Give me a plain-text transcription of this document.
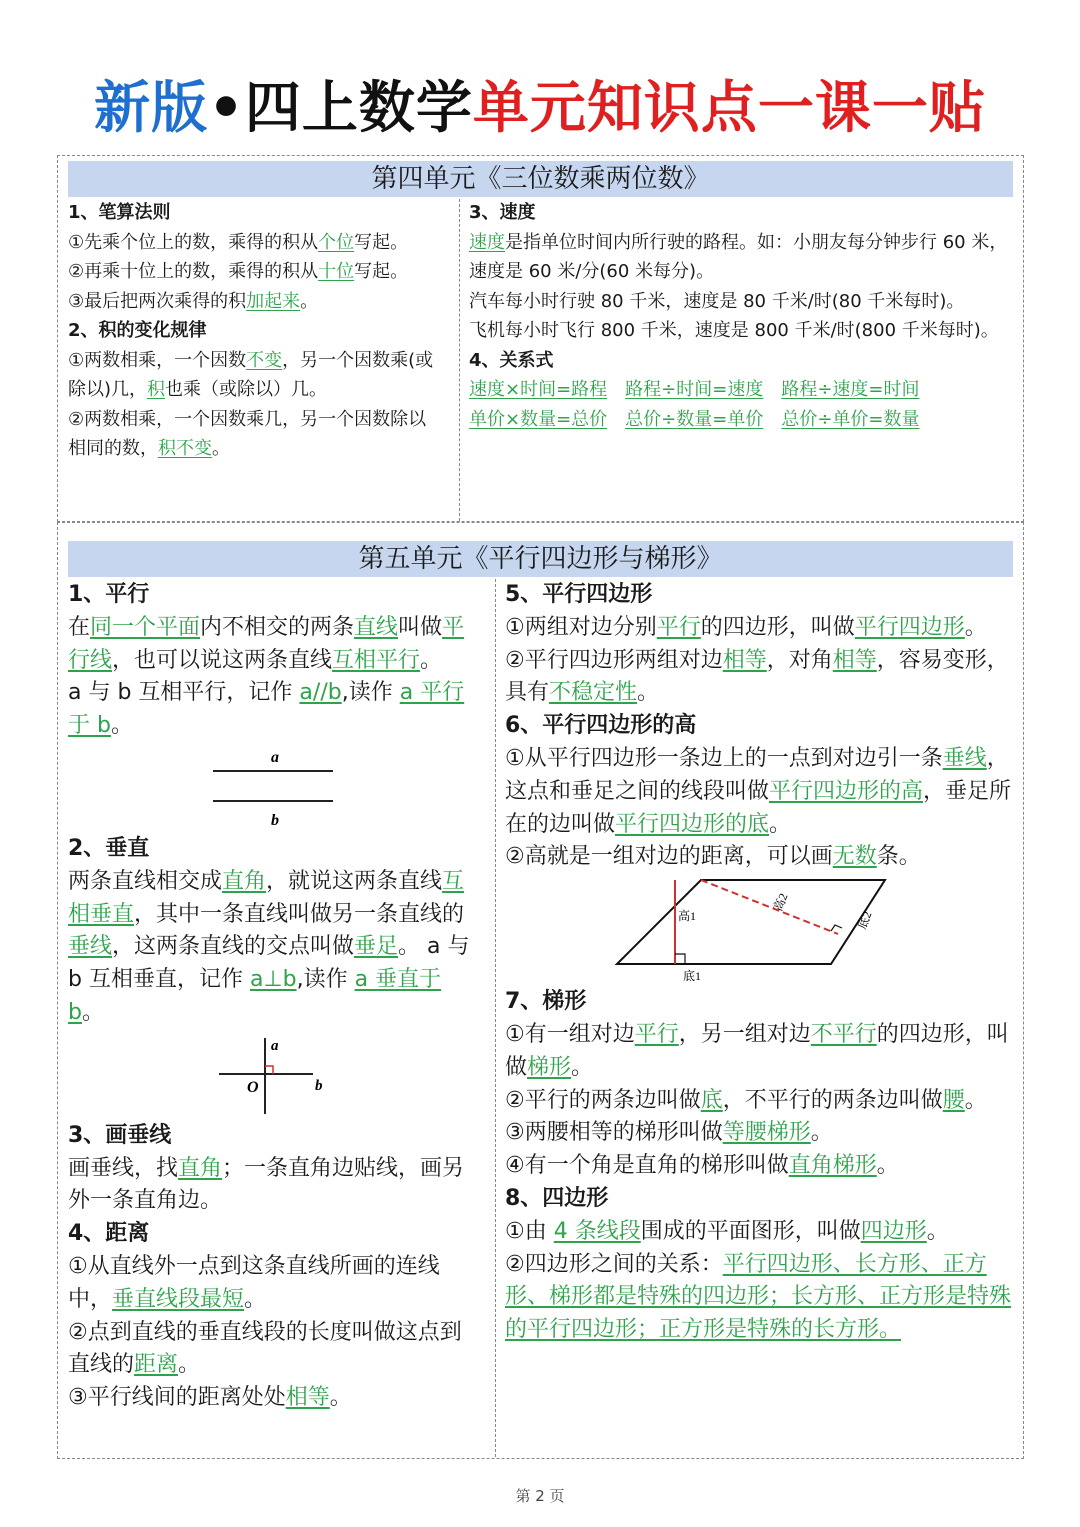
新版•四上数学单元知识点一课一贴
第四单元《三位数乘两位数》

1、笔算法则

①先乘个位上的数，乘得的积从个位写起。

②再乘十位上的数，乘得的积从十位写起。

③最后把两次乘得的积加起来。

2、积的变化规律

①两数相乘，一个因数不变，另一个因数乘(或除以)几，积也乘（或除以）几。

②两数相乘，一个因数乘几，另一个因数除以相同的数，积不变。

3、速度

速度是指单位时间内所行驶的路程。如：小朋友每分钟步行 60 米，速度是 60 米/分(60 米每分)。

汽车每小时行驶 80 千米，速度是 80 千米/时(80 千米每时)。

飞机每小时飞行 800 千米，速度是 800 千米/时(800 千米每时)。

4、关系式

速度×时间=路程　 路程÷时间=速度　 路程÷速度=时间

单价×数量=总价　 总价÷数量=单价　 总价÷单价=数量

第五单元《平行四边形与梯形》

1、平行

在同一个平面内不相交的两条直线叫做平行线，也可以说这两条直线互相平行。

a 与 b 互相平行，记作 a//b,读作 a 平行于 b。

a
b

2、垂直

两条直线相交成直角，就说这两条直线互相垂直，其中一条直线叫做另一条直线的垂线，这两条直线的交点叫做垂足。 a 与 b 互相垂直，记作 a⊥b,读作 a 垂直于 b。

a
b
O

3、画垂线

画垂线，找直角；一条直角边贴线，画另外一条直角边。

4、距离

①从直线外一点到这条直线所画的连线中，垂直线段最短。

②点到直线的垂直线段的长度叫做这点到直线的距离。

③平行线间的距离处处相等。

5、平行四边形

①两组对边分别平行的四边形，叫做平行四边形。

②平行四边形两组对边相等，对角相等，容易变形，具有不稳定性。

6、平行四边形的高

①从平行四边形一条边上的一点到对边引一条垂线，这点和垂足之间的线段叫做平行四边形的高，垂足所在的边叫做平行四边形的底。

②高就是一组对边的距离，可以画无数条。

高1
底1
高2
底2

7、梯形

①有一组对边平行，另一组对边不平行的四边形，叫做梯形。

②平行的两条边叫做底，不平行的两条边叫做腰。

③两腰相等的梯形叫做等腰梯形。

④有一个角是直角的梯形叫做直角梯形。

8、四边形

①由 4 条线段围成的平面图形，叫做四边形。

②四边形之间的关系：平行四边形、长方形、正方形、梯形都是特殊的四边形；长方形、正方形是特殊的平行四边形；正方形是特殊的长方形。

第 2 页
